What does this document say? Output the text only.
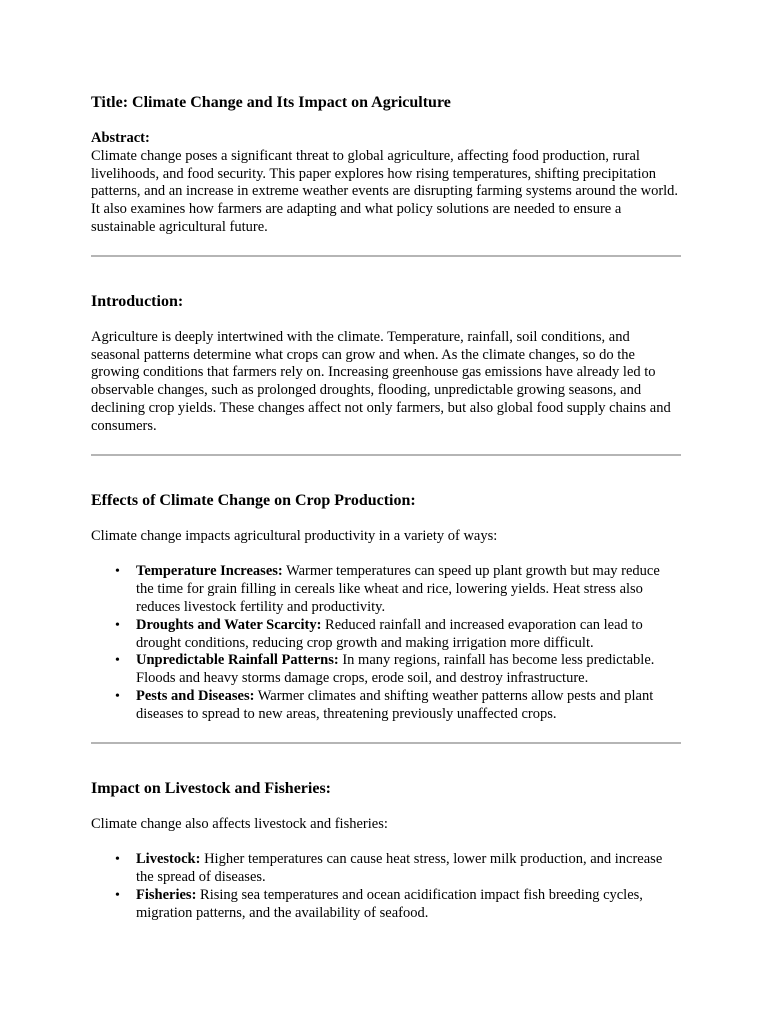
Title: Climate Change and Its Impact on Agriculture
Abstract:

Climate change poses a significant threat to global agriculture, affecting food production, rural livelihoods, and food security. This paper explores how rising temperatures, shifting precipitation patterns, and an increase in extreme weather events are disrupting farming systems around the world. It also examines how farmers are adapting and what policy solutions are needed to ensure a sustainable agricultural future.

Introduction:

Agriculture is deeply intertwined with the climate. Temperature, rainfall, soil conditions, and seasonal patterns determine what crops can grow and when. As the climate changes, so do the growing conditions that farmers rely on. Increasing greenhouse gas emissions have already led to observable changes, such as prolonged droughts, flooding, unpredictable growing seasons, and declining crop yields. These changes affect not only farmers, but also global food supply chains and consumers.

Effects of Climate Change on Crop Production:

Climate change impacts agricultural productivity in a variety of ways:

• Temperature Increases: Warmer temperatures can speed up plant growth but may reduce the time for grain filling in cereals like wheat and rice, lowering yields. Heat stress also reduces livestock fertility and productivity.
• Droughts and Water Scarcity: Reduced rainfall and increased evaporation can lead to drought conditions, reducing crop growth and making irrigation more difficult.
• Unpredictable Rainfall Patterns: In many regions, rainfall has become less predictable. Floods and heavy storms damage crops, erode soil, and destroy infrastructure.
• Pests and Diseases: Warmer climates and shifting weather patterns allow pests and plant diseases to spread to new areas, threatening previously unaffected crops.
Impact on Livestock and Fisheries:

Climate change also affects livestock and fisheries:

• Livestock: Higher temperatures can cause heat stress, lower milk production, and increase the spread of diseases.
• Fisheries: Rising sea temperatures and ocean acidification impact fish breeding cycles, migration patterns, and the availability of seafood.
